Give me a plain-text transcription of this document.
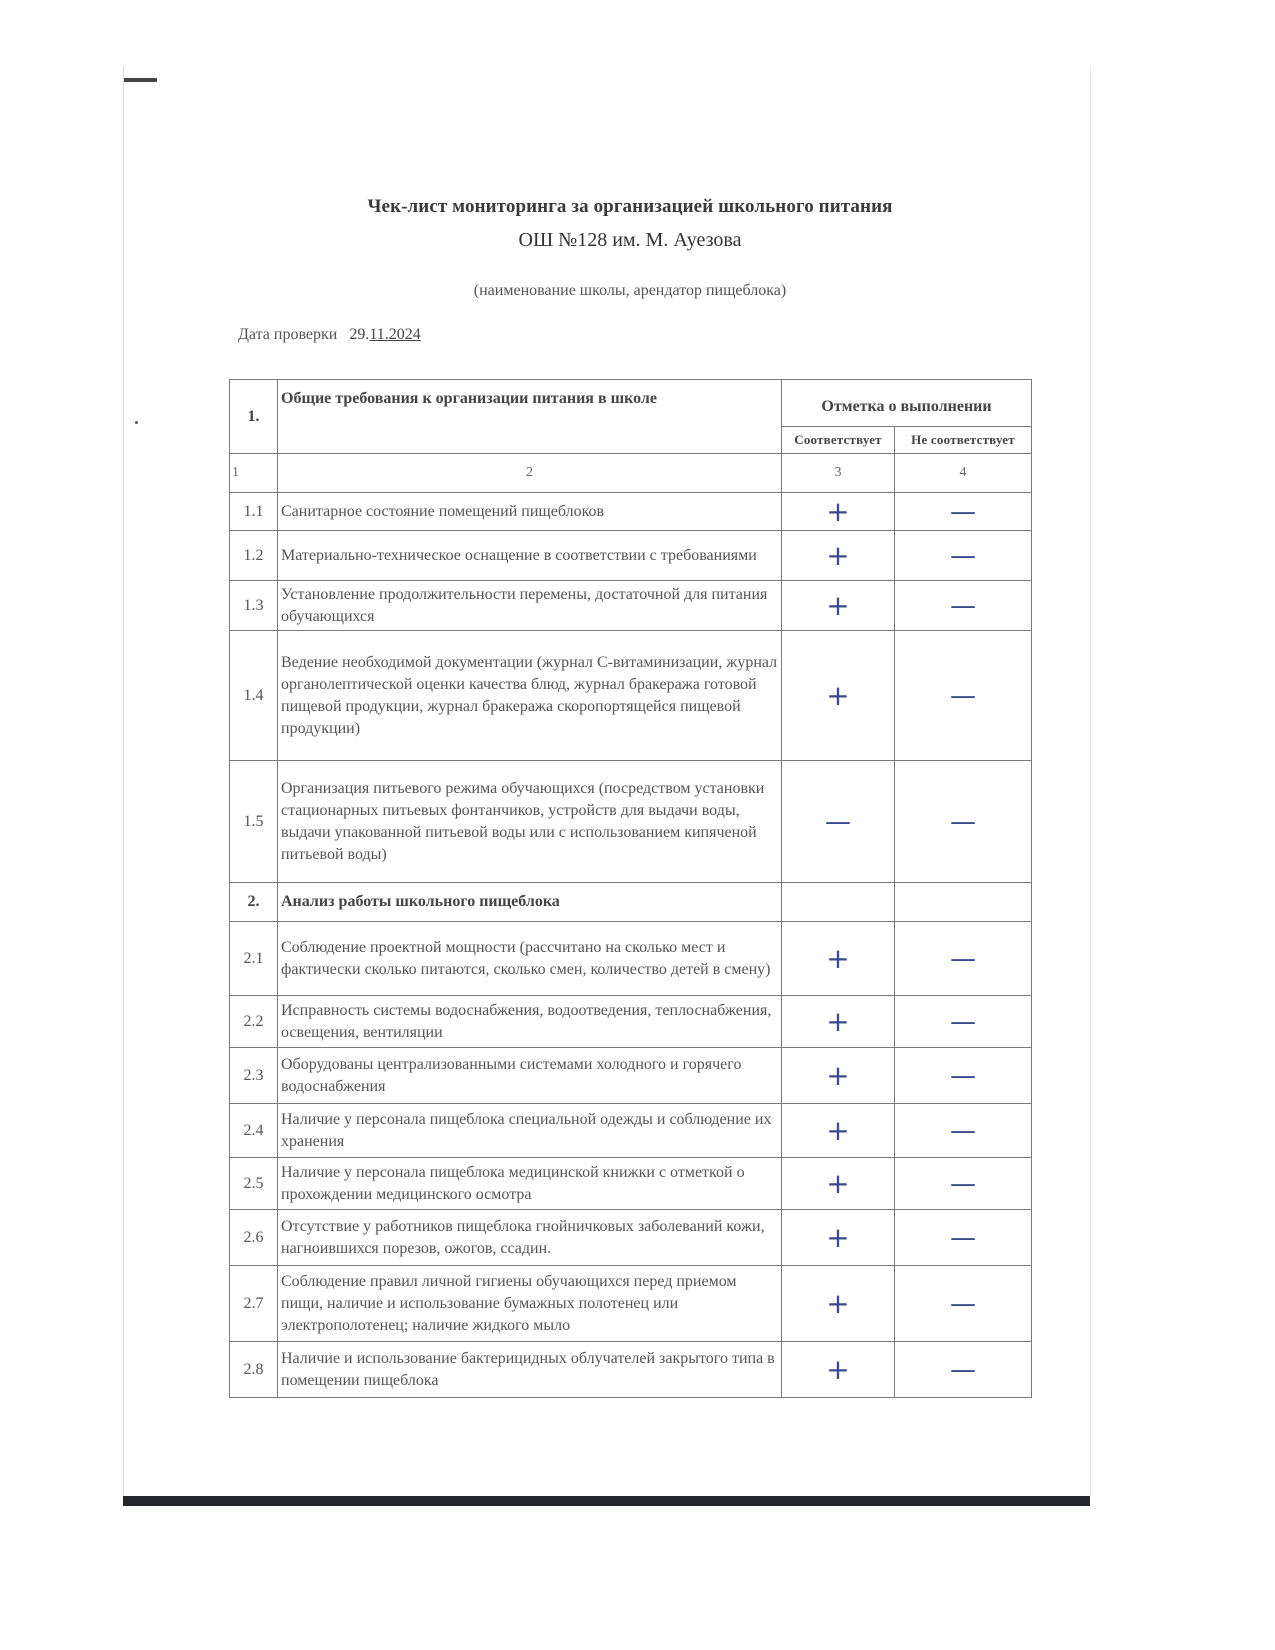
Чек-лист мониторинга за организацией школьного питания
ОШ №128 им. М. Ауезова
(наименование школы, арендатор пищеблока)
Дата проверки 29.11.2024
1.	Общие требования к организации питания в школе	Отметка о выполнении	
		Соответствует	Не соответствует
1	2	3	4
1.1	Санитарное состояние помещений пищеблоков	+	—
1.2	Материально-техническое оснащение в соответствии с требованиями	+	—
1.3	Установление продолжительности перемены, достаточной для питания обучающихся	+	—
1.4	Ведение необходимой документации (журнал С-витаминизации, журнал органолептической оценки качества блюд, журнал бракеража готовой пищевой продукции, журнал бракеража скоропортящейся пищевой продукции)	+	—
1.5	Организация питьевого режима обучающихся (посредством установки стационарных питьевых фонтанчиков, устройств для выдачи воды, выдачи упакованной питьевой воды или с использованием кипяченой питьевой воды)	—	—
2.	Анализ работы школьного пищеблока		
2.1	Соблюдение проектной мощности (рассчитано на сколько мест и фактически сколько питаются, сколько смен, количество детей в смену)	+	—
2.2	Исправность системы водоснабжения, водоотведения, теплоснабжения, освещения, вентиляции	+	—
2.3	Оборудованы централизованными системами холодного и горячего водоснабжения	+	—
2.4	Наличие у персонала пищеблока специальной одежды и соблюдение их хранения	+	—
2.5	Наличие у персонала пищеблока медицинской книжки с отметкой о прохождении медицинского осмотра	+	—
2.6	Отсутствие у работников пищеблока гнойничковых заболеваний кожи, нагноившихся порезов, ожогов, ссадин.	+	—
2.7	Соблюдение правил личной гигиены обучающихся перед приемом пищи, наличие и использование бумажных полотенец или электрополотенец; наличие жидкого мыло	+	—
2.8	Наличие и использование бактерицидных облучателей закрытого типа в помещении пищеблока	+	—
